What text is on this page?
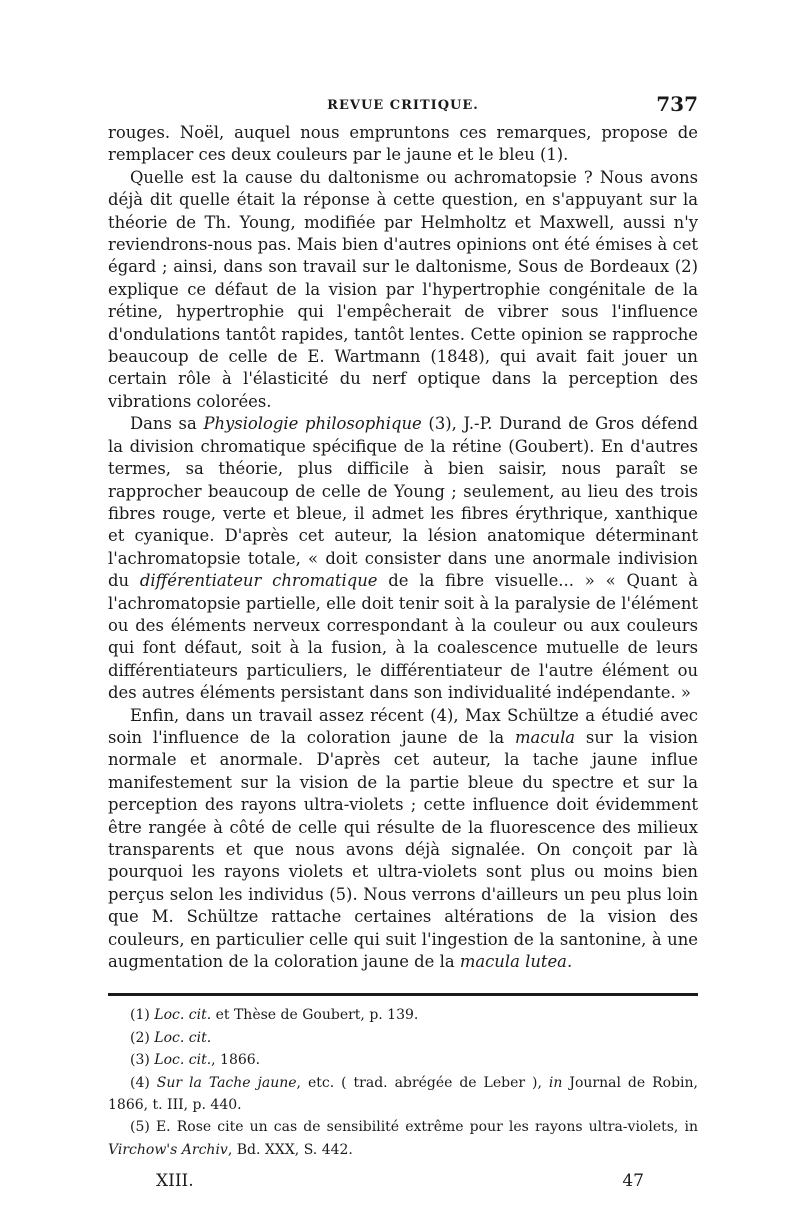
REVUE CRITIQUE.	737

rouges. Noël, auquel nous empruntons ces remarques, propose de remplacer ces deux couleurs par le jaune et le bleu (1).

Quelle est la cause du daltonisme ou achromatopsie ? Nous avons déjà dit quelle était la réponse à cette question, en s'appuyant sur la théorie de Th. Young, modifiée par Helmholtz et Maxwell, aussi n'y reviendrons-nous pas. Mais bien d'autres opinions ont été émises à cet égard ; ainsi, dans son travail sur le daltonisme, Sous de Bordeaux (2) explique ce défaut de la vision par l'hypertrophie congénitale de la rétine, hypertrophie qui l'empêcherait de vibrer sous l'influence d'ondulations tantôt rapides, tantôt lentes. Cette opinion se rapproche beaucoup de celle de E. Wartmann (1848), qui avait fait jouer un certain rôle à l'élasticité du nerf optique dans la perception des vibrations colorées.

Dans sa Physiologie philosophique (3), J.-P. Durand de Gros défend la division chromatique spécifique de la rétine (Goubert). En d'autres termes, sa théorie, plus difficile à bien saisir, nous paraît se rapprocher beaucoup de celle de Young ; seulement, au lieu des trois fibres rouge, verte et bleue, il admet les fibres érythrique, xanthique et cyanique. D'après cet auteur, la lésion anatomique déterminant l'achromatopsie totale, « doit consister dans une anormale indivision du différentiateur chromatique de la fibre visuelle... » « Quant à l'achromatopsie partielle, elle doit tenir soit à la paralysie de l'élément ou des éléments nerveux correspondant à la couleur ou aux couleurs qui font défaut, soit à la fusion, à la coalescence mutuelle de leurs différentiateurs particuliers, le différentiateur de l'autre élément ou des autres éléments persistant dans son individualité indépendante. »

Enfin, dans un travail assez récent (4), Max Schültze a étudié avec soin l'influence de la coloration jaune de la macula sur la vision normale et anormale. D'après cet auteur, la tache jaune influe manifestement sur la vision de la partie bleue du spectre et sur la perception des rayons ultra-violets ; cette influence doit évidemment être rangée à côté de celle qui résulte de la fluorescence des milieux transparents et que nous avons déjà signalée. On conçoit par là pourquoi les rayons violets et ultra-violets sont plus ou moins bien perçus selon les individus (5). Nous verrons d'ailleurs un peu plus loin que M. Schültze rattache certaines altérations de la vision des couleurs, en particulier celle qui suit l'ingestion de la santonine, à une augmentation de la coloration jaune de la macula lutea.

(1) Loc. cit. et Thèse de Goubert, p. 139.

(2) Loc. cit.

(3) Loc. cit., 1866.

(4) Sur la Tache jaune, etc. ( trad. abrégée de Leber ), in Journal de Robin, 1866, t. III, p. 440.

(5) E. Rose cite un cas de sensibilité extrême pour les rayons ultra-violets, in Virchow's Archiv, Bd. XXX, S. 442.

XIII.	47
